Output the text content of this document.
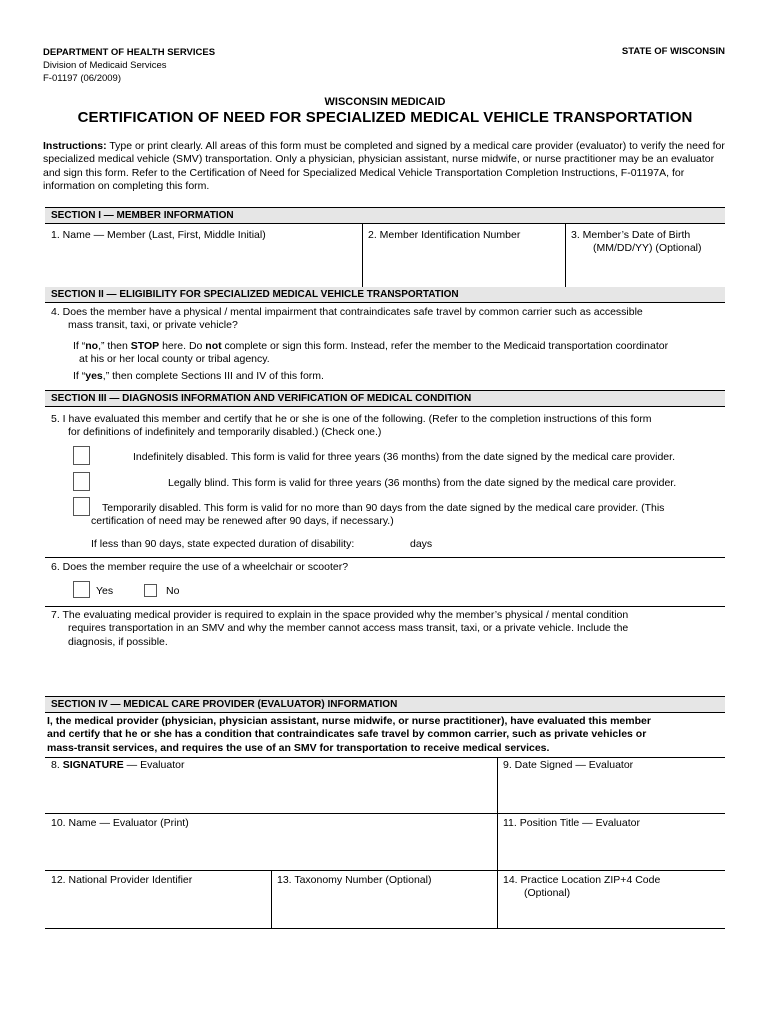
DEPARTMENT OF HEALTH SERVICES
Division of Medicaid Services
F-01197 (06/2009)
STATE OF WISCONSIN
WISCONSIN MEDICAID
CERTIFICATION OF NEED FOR SPECIALIZED MEDICAL VEHICLE TRANSPORTATION
Instructions: Type or print clearly. All areas of this form must be completed and signed by a medical care provider (evaluator) to verify the need for specialized medical vehicle (SMV) transportation. Only a physician, physician assistant, nurse midwife, or nurse practitioner may be an evaluator and sign this form. Refer to the Certification of Need for Specialized Medical Vehicle Transportation Completion Instructions, F-01197A, for information on completing this form.
SECTION I — MEMBER INFORMATION
1. Name — Member (Last, First, Middle Initial)	2. Member Identification Number	3. Member’s Date of Birth
(MM/DD/YY) (Optional)
SECTION II — ELIGIBILITY FOR SPECIALIZED MEDICAL VEHICLE TRANSPORTATION
4. Does the member have a physical / mental impairment that contraindicates safe travel by common carrier such as accessible
mass transit, taxi, or private vehicle?
If “no,” then STOP here. Do not complete or sign this form. Instead, refer the member to the Medicaid transportation coordinator
at his or her local county or tribal agency.
If “yes,” then complete Sections III and IV of this form.
SECTION III — DIAGNOSIS INFORMATION AND VERIFICATION OF MEDICAL CONDITION
5. I have evaluated this member and certify that he or she is one of the following. (Refer to the completion instructions of this form
for definitions of indefinitely and temporarily disabled.) (Check one.)
Indefinitely disabled. This form is valid for three years (36 months) from the date signed by the medical care provider.
Legally blind. This form is valid for three years (36 months) from the date signed by the medical care provider.
Temporarily disabled. This form is valid for no more than 90 days from the date signed by the medical care provider. (This
certification of need may be renewed after 90 days, if necessary.)
If less than 90 days, state expected duration of disability:	days
6. Does the member require the use of a wheelchair or scooter?
Yes	No
7. The evaluating medical provider is required to explain in the space provided why the member’s physical / mental condition
requires transportation in an SMV and why the member cannot access mass transit, taxi, or a private vehicle. Include the
diagnosis, if possible.
SECTION IV — MEDICAL CARE PROVIDER (EVALUATOR) INFORMATION
I, the medical provider (physician, physician assistant, nurse midwife, or nurse practitioner), have evaluated this member
and certify that he or she has a condition that contraindicates safe travel by common carrier, such as private vehicles or
mass-transit services, and requires the use of an SMV for transportation to receive medical services.
8. SIGNATURE — Evaluator	9. Date Signed — Evaluator
10. Name — Evaluator (Print)	11. Position Title — Evaluator
12. National Provider Identifier	13. Taxonomy Number (Optional)	14. Practice Location ZIP+4 Code
(Optional)
